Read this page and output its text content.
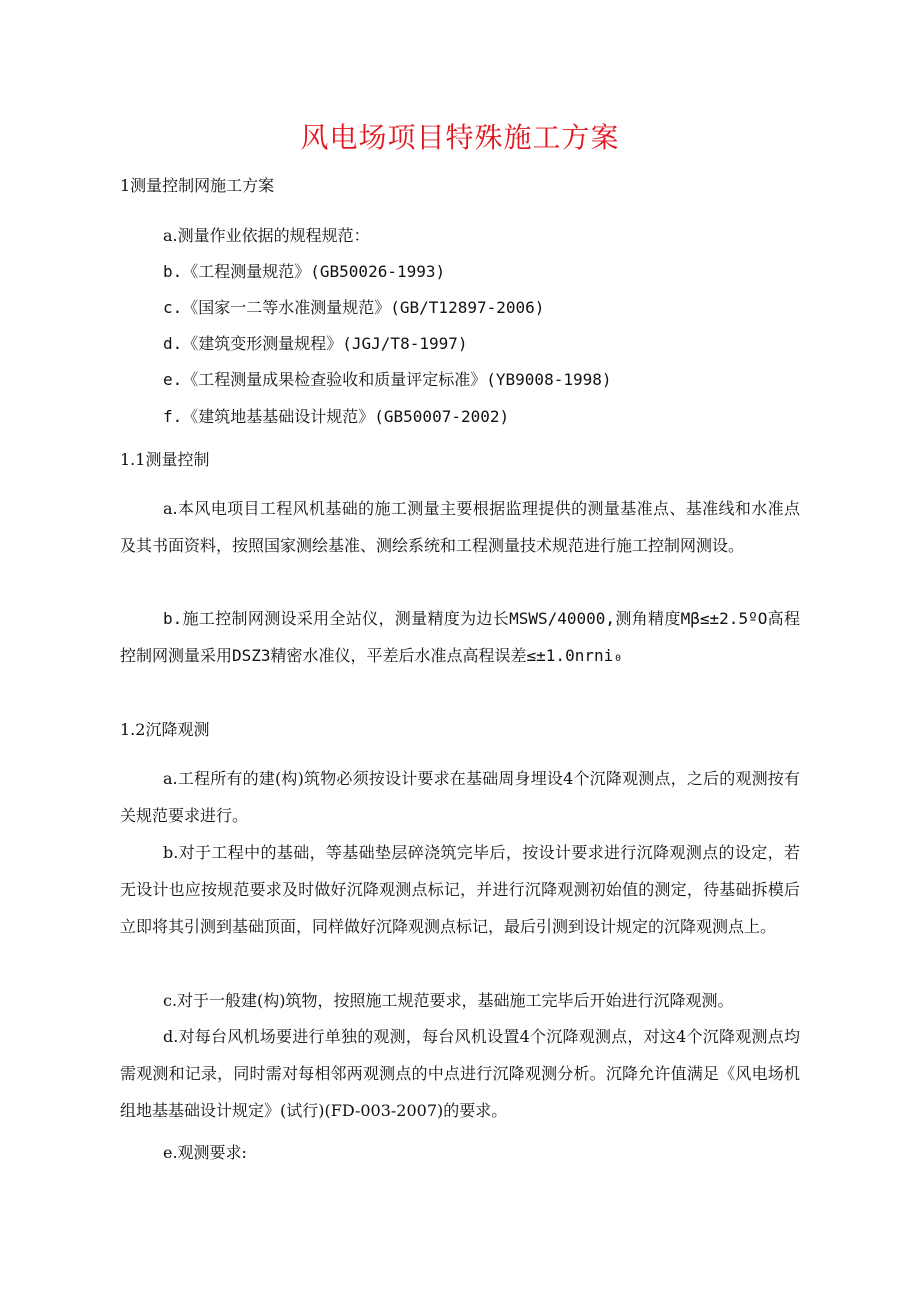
风电场项目特殊施工方案
1测量控制网施工方案
a.测量作业依据的规程规范：
b.《工程测量规范》(GB50026-1993)
c.《国家一二等水准测量规范》(GB/T12897-2006)
d.《建筑变形测量规程》(JGJ/T8-1997)
e.《工程测量成果检查验收和质量评定标准》(YB9008-1998)
f.《建筑地基基础设计规范》(GB50007-2002)
1.1测量控制
a.本风电项目工程风机基础的施工测量主要根据监理提供的测量基准点、基准线和水准点及其书面资料，按照国家测绘基准、测绘系统和工程测量技术规范进行施工控制网测设。
b.施工控制网测设采用全站仪，测量精度为边长MSWS/40000,测角精度Mβ≤±2.5ºO高程控制网测量采用DSZ3精密水准仪，平差后水准点高程误差≤±1.0nrni₀
1.2沉降观测
a.工程所有的建(构)筑物必须按设计要求在基础周身埋设4个沉降观测点，之后的观测按有关规范要求进行。
b.对于工程中的基础，等基础垫层碎浇筑完毕后，按设计要求进行沉降观测点的设定，若无设计也应按规范要求及时做好沉降观测点标记，并进行沉降观测初始值的测定，待基础拆模后立即将其引测到基础顶面，同样做好沉降观测点标记，最后引测到设计规定的沉降观测点上。
c.对于一般建(构)筑物，按照施工规范要求，基础施工完毕后开始进行沉降观测。
d.对每台风机场要进行单独的观测，每台风机设置4个沉降观测点，对这4个沉降观测点均需观测和记录，同时需对每相邻两观测点的中点进行沉降观测分析。沉降允许值满足《风电场机组地基基础设计规定》(试行)(FD-003-2007)的要求。
e.观测要求:
